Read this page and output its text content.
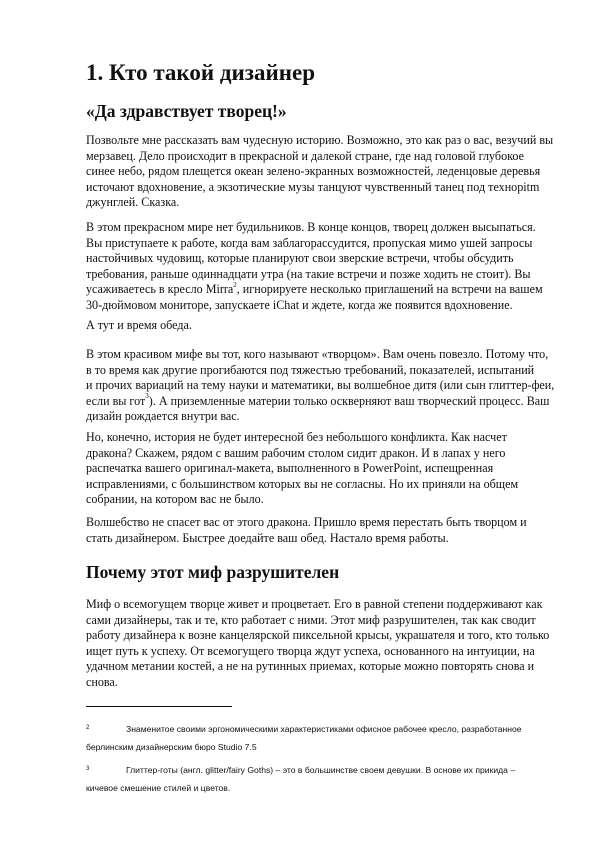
1. Кто такой дизайнер
«Да здравствует творец!»
Позвольте мне рассказать вам чудесную историю. Возможно, это как раз о вас, везучий вы
мерзавец. Дело происходит в прекрасной и далекой стране, где над головой глубокое
синее небо, рядом плещется океан зелено-экранных возможностей, леденцовые деревья
источают вдохновение, а экзотические музы танцуют чувственный танец под технорitm
джунглей. Сказка.
В этом прекрасном мире нет будильников. В конце концов, творец должен высыпаться.
Вы приступаете к работе, когда вам заблагорассудится, пропуская мимо ушей запросы
настойчивых чудовищ, которые планируют свои зверские встречи, чтобы обсудить
требования, раньше одиннадцати утра (на такие встречи и позже ходить не стоит). Вы
усаживаетесь в кресло Mirra$^2$, игнорируете несколько приглашений на встречи на вашем
30-дюймовом мониторе, запускаете iChat и ждете, когда же появится вдохновение.
А тут и время обеда.
В этом красивом мифе вы тот, кого называют «творцом». Вам очень повезло. Потому что,
в то время как другие прогибаются под тяжестью требований, показателей, испытаний
и прочих вариаций на тему науки и математики, вы волшебное дитя (или сын глиттер-феи,
если вы гот$^3$). А приземленные материи только оскверняют ваш творческий процесс. Ваш
дизайн рождается внутри вас.
Но, конечно, история не будет интересной без небольшого конфликта. Как насчет
дракона? Скажем, рядом с вашим рабочим столом сидит дракон. И в лапах у него
распечатка вашего оригинал-макета, выполненного в PowerPoint, испещренная
исправлениями, с большинством которых вы не согласны. Но их приняли на общем
собрании, на котором вас не было.
Волшебство не спасет вас от этого дракона. Пришло время перестать быть творцом и
стать дизайнером. Быстрее доедайте ваш обед. Настало время работы.
Почему этот миф разрушителен
Миф о всемогущем творце живет и процветает. Его в равной степени поддерживают как
сами дизайнеры, так и те, кто работает с ними. Этот миф разрушителен, так как сводит
работу дизайнера к возне канцелярской пиксельной крысы, украшателя и того, кто только
ищет путь к успеху. От всемогущего творца ждут успеха, основанного на интуиции, на
удачном метании костей, а не на рутинных приемах, которые можно повторять снова и
снова.
2	Знаменитое своими эргономическими характеристиками офисное рабочее кресло, разработанное
берлинским дизайнерским бюро Studio 7.5
3	Глиттер-готы (англ. glitter/fairy Goths) – это в большинстве своем девушки. В основе их прикида –
кичевое смешение стилей и цветов.
